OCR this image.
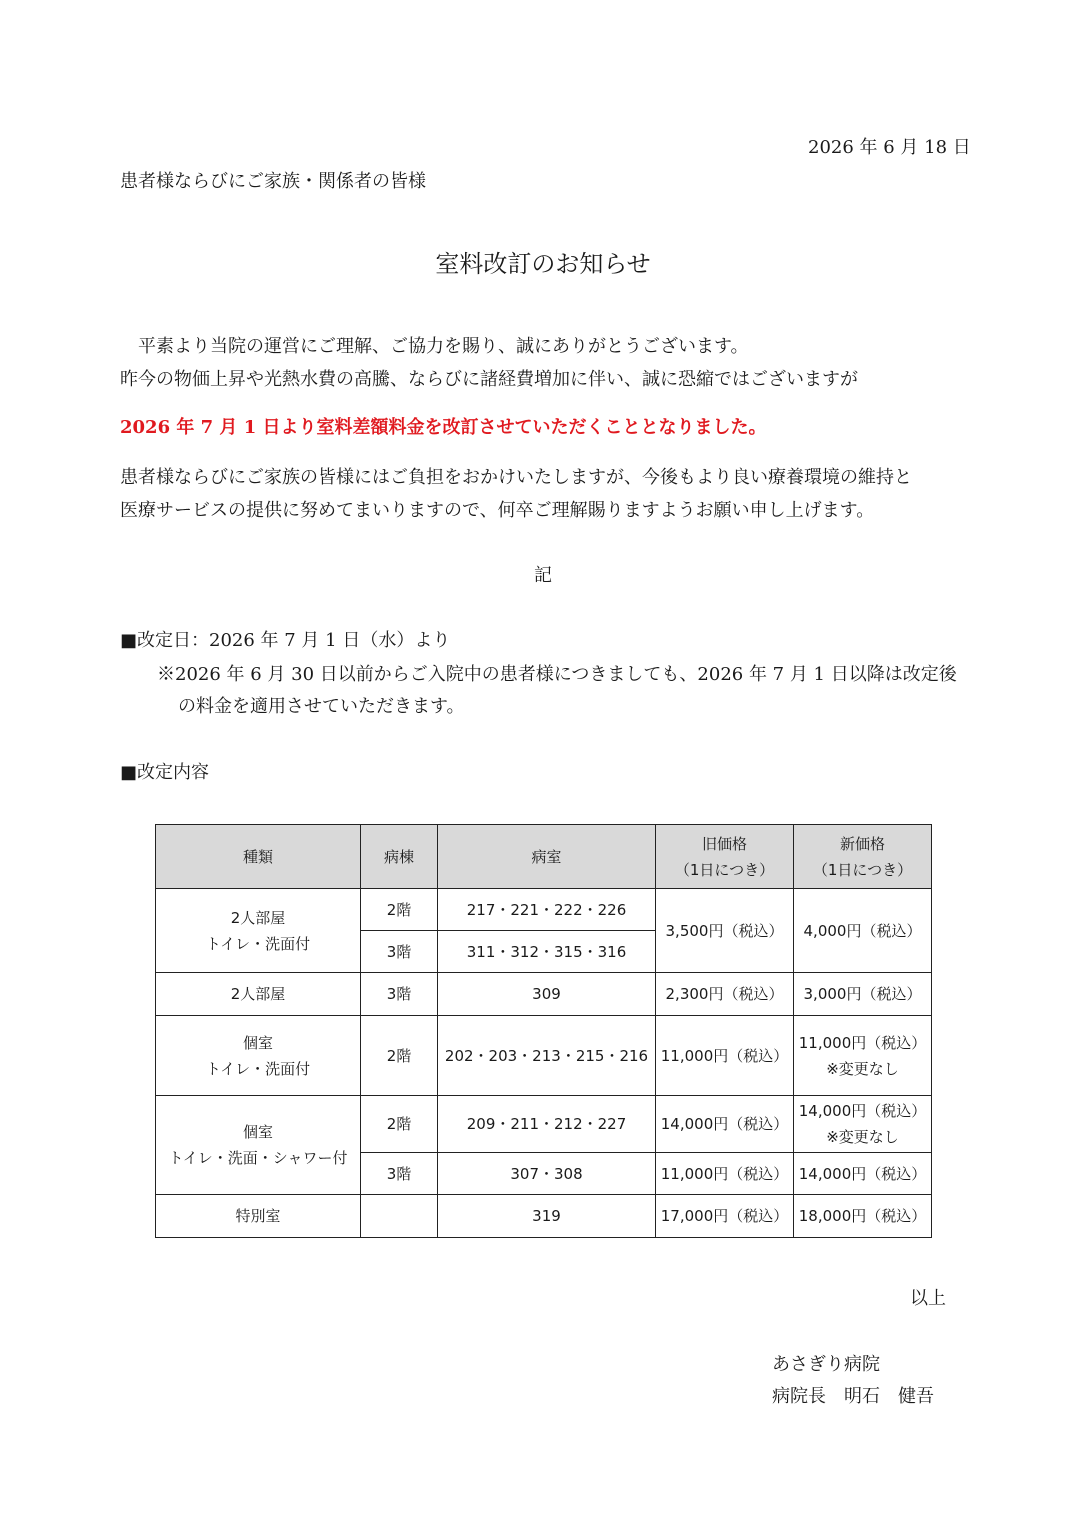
2026 年 6 月 18 日
患者様ならびにご家族・関係者の皆様
室料改訂のお知らせ
　平素より当院の運営にご理解、ご協力を賜り、誠にありがとうございます。
昨今の物価上昇や光熱水費の高騰、ならびに諸経費増加に伴い、誠に恐縮ではございますが
2026 年 7 月 1 日より室料差額料金を改訂させていただくこととなりました。
患者様ならびにご家族の皆様にはご負担をおかけいたしますが、今後もより良い療養環境の維持と
医療サービスの提供に努めてまいりますので、何卒ご理解賜りますようお願い申し上げます。
記
■改定日：2026 年 7 月 1 日（水）より
※2026 年 6 月 30 日以前からご入院中の患者様につきましても、2026 年 7 月 1 日以降は改定後
の料金を適用させていただきます。
■改定内容
種類	病棟	病室	旧価格
（1日につき）	新価格
（1日につき）

2人部屋
トイレ・洗面付	2階	217・221・222・226	3,500円（税込）	4,000円（税込）
	3階	311・312・315・316		
2人部屋	3階	309	2,300円（税込）	3,000円（税込）

個室
トイレ・洗面付	2階	202・203・213・215・216	11,000円（税込）	11,000円（税込）
※変更なし

個室
トイレ・洗面・シャワー付	2階	209・211・212・227	14,000円（税込）	14,000円（税込）
※変更なし

	3階	307・308	11,000円（税込）	14,000円（税込）
特別室		319	17,000円（税込）	18,000円（税込）
以上
あさぎり病院
病院長　明石　健吾
